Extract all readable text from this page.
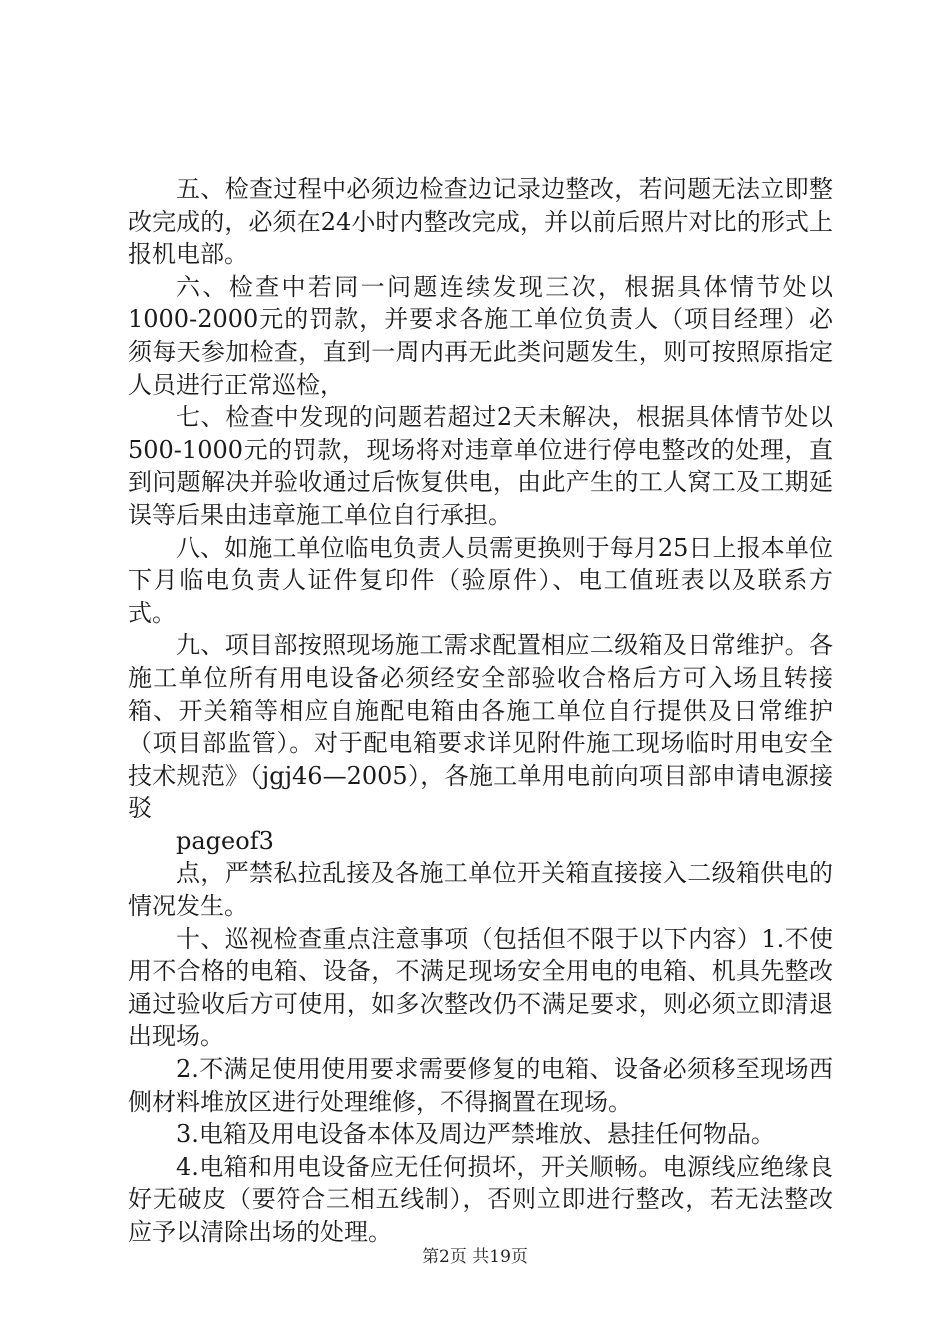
五、检查过程中必须边检查边记录边整改，若问题无法立即整改完成的，必须在24小时内整改完成，并以前后照片对比的形式上报机电部。

六、检查中若同一问题连续发现三次，根据具体情节处以1000-2000元的罚款，并要求各施工单位负责人（项目经理）必须每天参加检查，直到一周内再无此类问题发生，则可按照原指定人员进行正常巡检，

七、检查中发现的问题若超过2天未解决，根据具体情节处以500-1000元的罚款，现场将对违章单位进行停电整改的处理，直到问题解决并验收通过后恢复供电，由此产生的工人窝工及工期延误等后果由违章施工单位自行承担。

八、如施工单位临电负责人员需更换则于每月25日上报本单位下月临电负责人证件复印件（验原件）、电工值班表以及联系方式。

九、项目部按照现场施工需求配置相应二级箱及日常维护。各施工单位所有用电设备必须经安全部验收合格后方可入场且转接箱、开关箱等相应自施配电箱由各施工单位自行提供及日常维护（项目部监管）。对于配电箱要求详见附件施工现场临时用电安全技术规范》（jgj46—2005），各施工单用电前向项目部申请电源接驳

pageof3

点，严禁私拉乱接及各施工单位开关箱直接接入二级箱供电的情况发生。

十、巡视检查重点注意事项（包括但不限于以下内容）1.不使用不合格的电箱、设备，不满足现场安全用电的电箱、机具先整改通过验收后方可使用，如多次整改仍不满足要求，则必须立即清退出现场。

2.不满足使用使用要求需要修复的电箱、设备必须移至现场西侧材料堆放区进行处理维修，不得搁置在现场。

3.电箱及用电设备本体及周边严禁堆放、悬挂任何物品。

4.电箱和用电设备应无任何损坏，开关顺畅。电源线应绝缘良好无破皮（要符合三相五线制），否则立即进行整改，若无法整改应予以清除出场的处理。

第2页 共19页
